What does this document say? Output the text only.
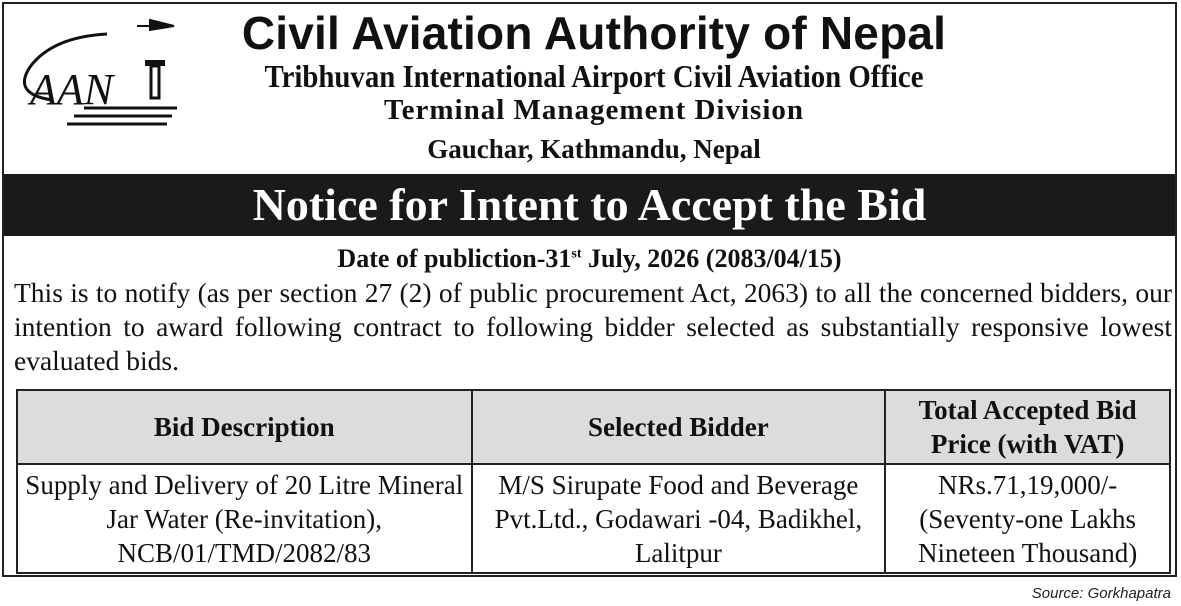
AAN
Civil Aviation Authority of Nepal
Tribhuvan International Airport Civil Aviation Office
Terminal Management Division
Gauchar, Kathmandu, Nepal
Notice for Intent to Accept the Bid
Date of publiction-31st July, 2026 (2083/04/15)
This is to notify (as per section 27 (2) of public procurement Act, 2063) to all the concerned bidders, our intention to award following contract to following bidder selected as substantially responsive lowest evaluated bids.
Bid Description	Selected Bidder	Total Accepted Bid Price (with VAT)
Supply and Delivery of 20 Litre Mineral Jar Water (Re-invitation), NCB/01/TMD/2082/83	M/S Sirupate Food and Beverage Pvt.Ltd., Godawari -04, Badikhel, Lalitpur	NRs.71,19,000/- (Seventy-one Lakhs Nineteen Thousand)
Source: Gorkhapatra
